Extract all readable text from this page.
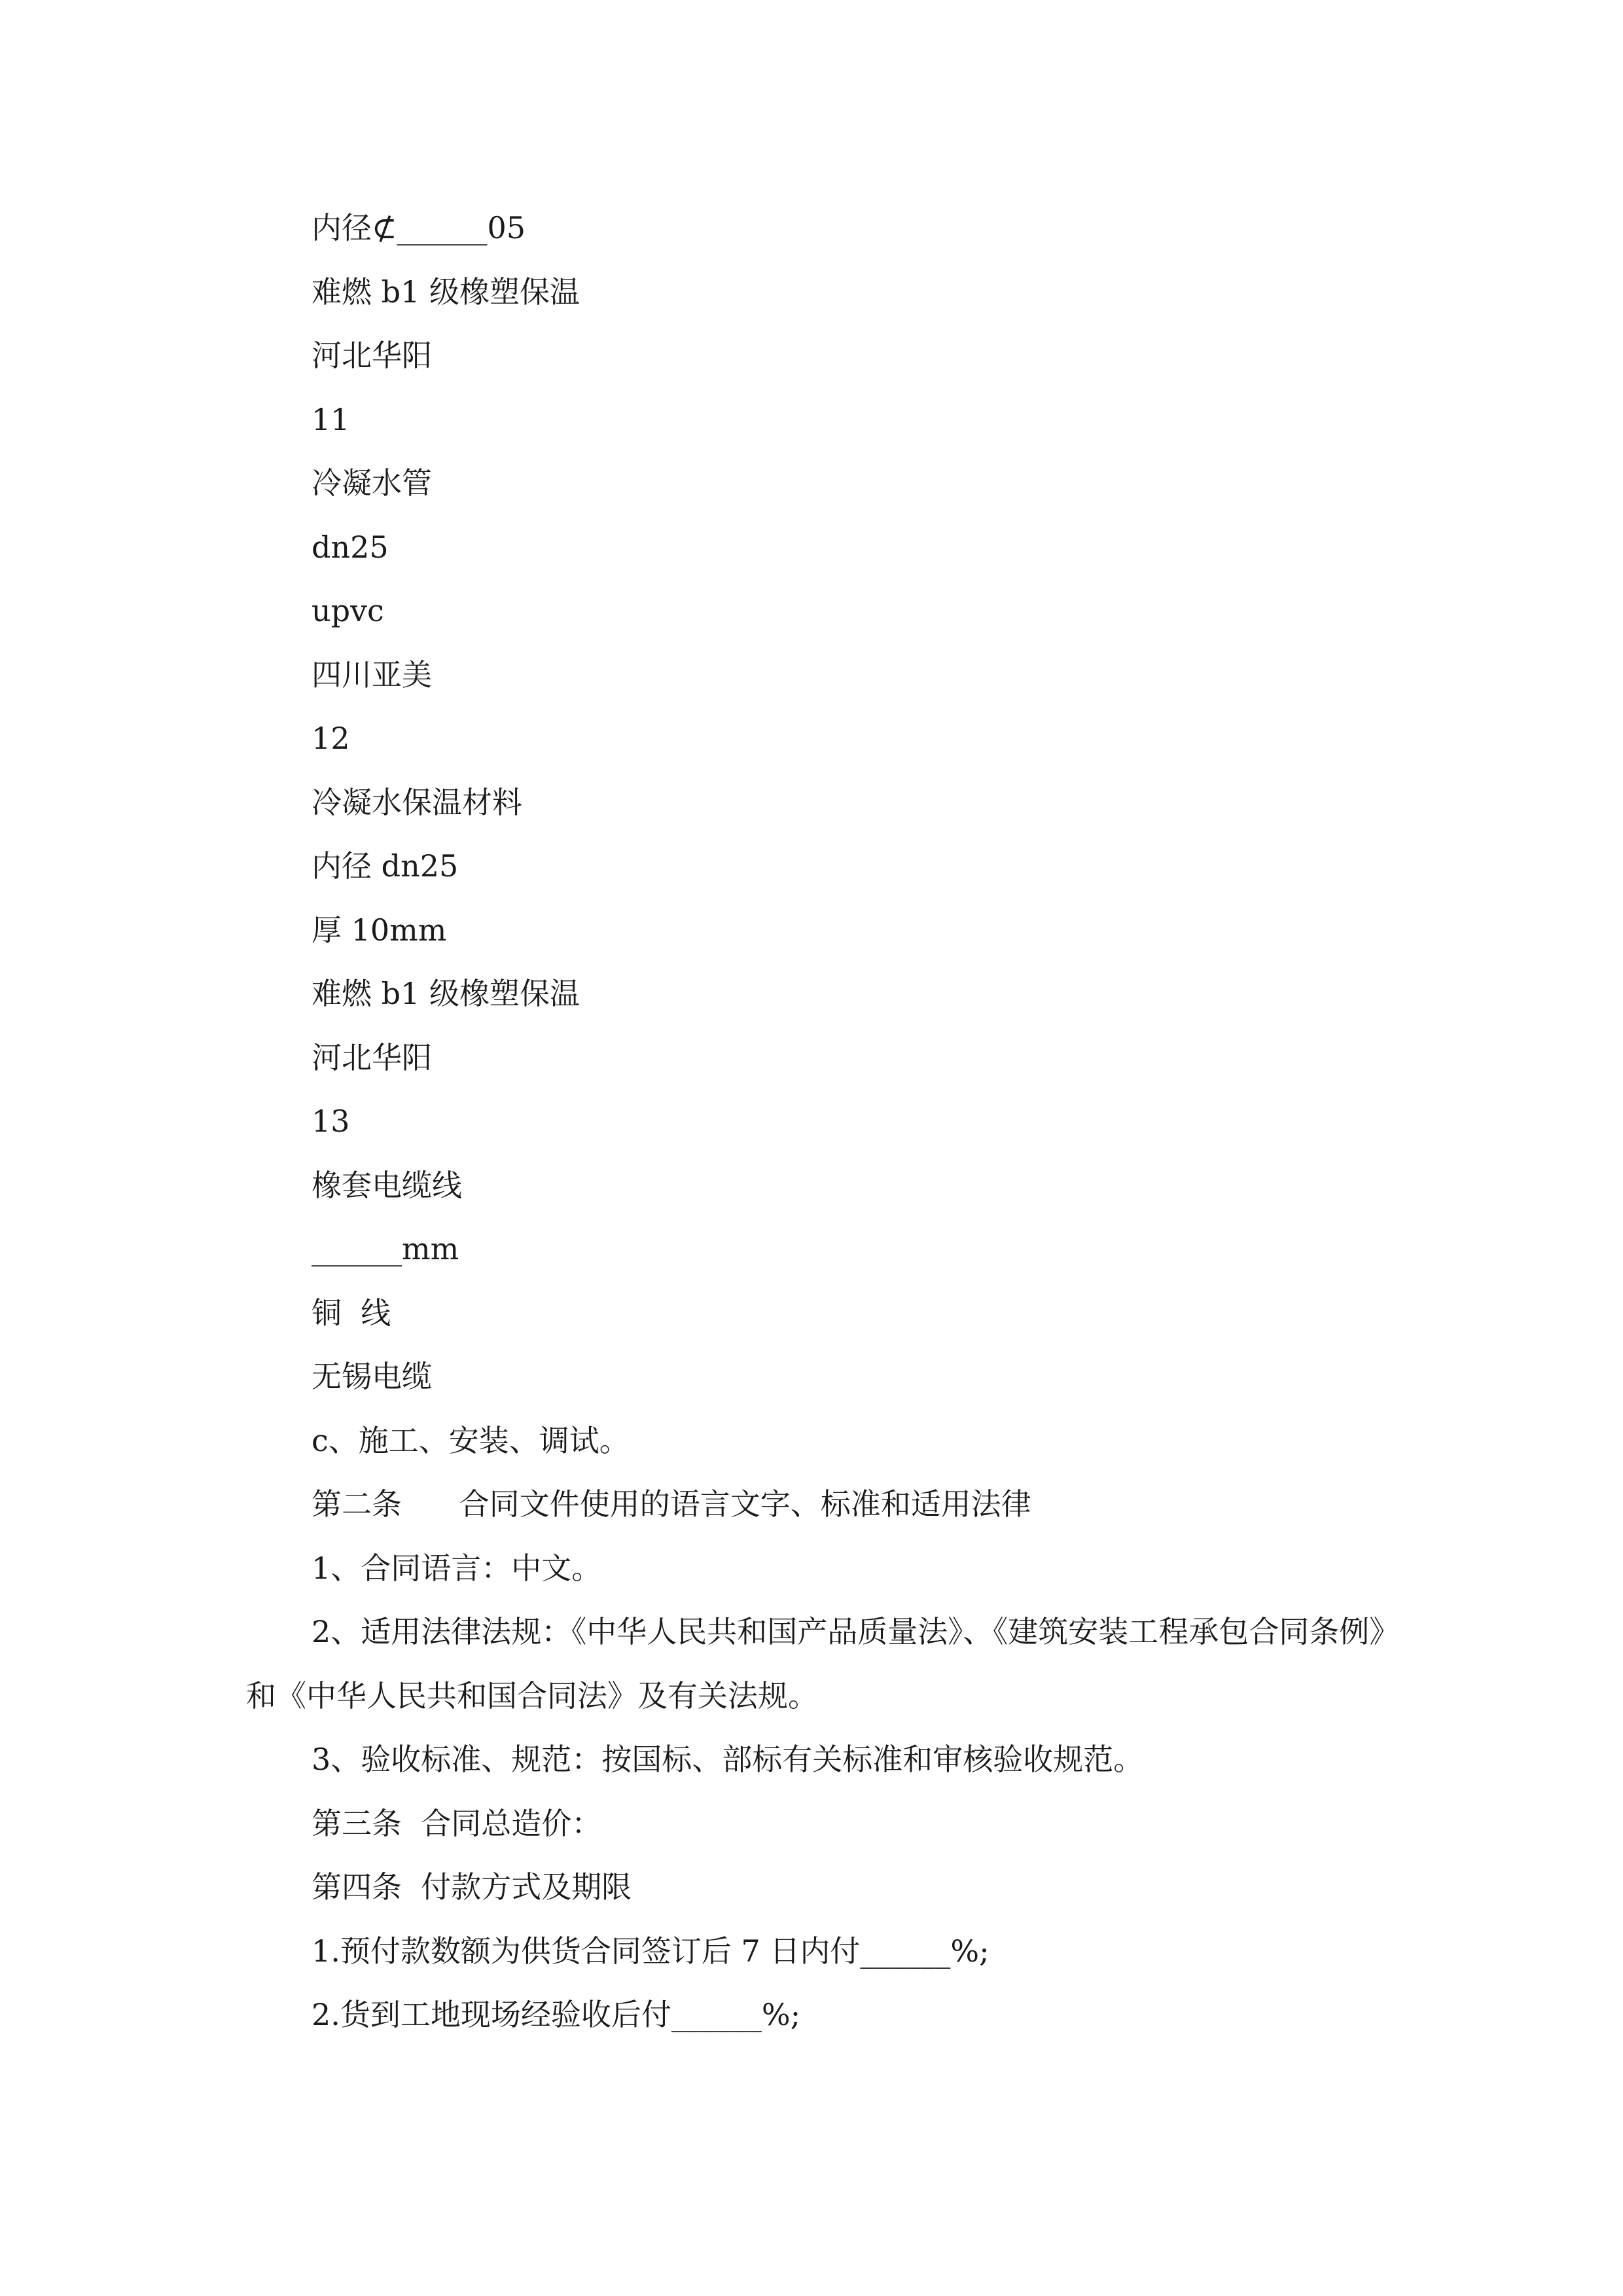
内径⊄______05
难燃 b1 级橡塑保温
河北华阳
11
冷凝水管
dn25
upvc
四川亚美
12
冷凝水保温材料
内径 dn25
厚 10mm
难燃 b1 级橡塑保温
河北华阳
13
橡套电缆线
______mm
铜  线
无锡电缆
c、施工、安装、调试。
第二条      合同文件使用的语言文字、标准和适用法律
1、合同语言：中文。
2、适用法律法规：《中华人民共和国产品质量法》、《建筑安装工程承包合同条例》和《中华人民共和国合同法》及有关法规。
3、验收标准、规范：按国标、部标有关标准和审核验收规范。
第三条  合同总造价：
第四条  付款方式及期限
1.预付款数额为供货合同签订后 7 日内付______%;
2.货到工地现场经验收后付______%;
